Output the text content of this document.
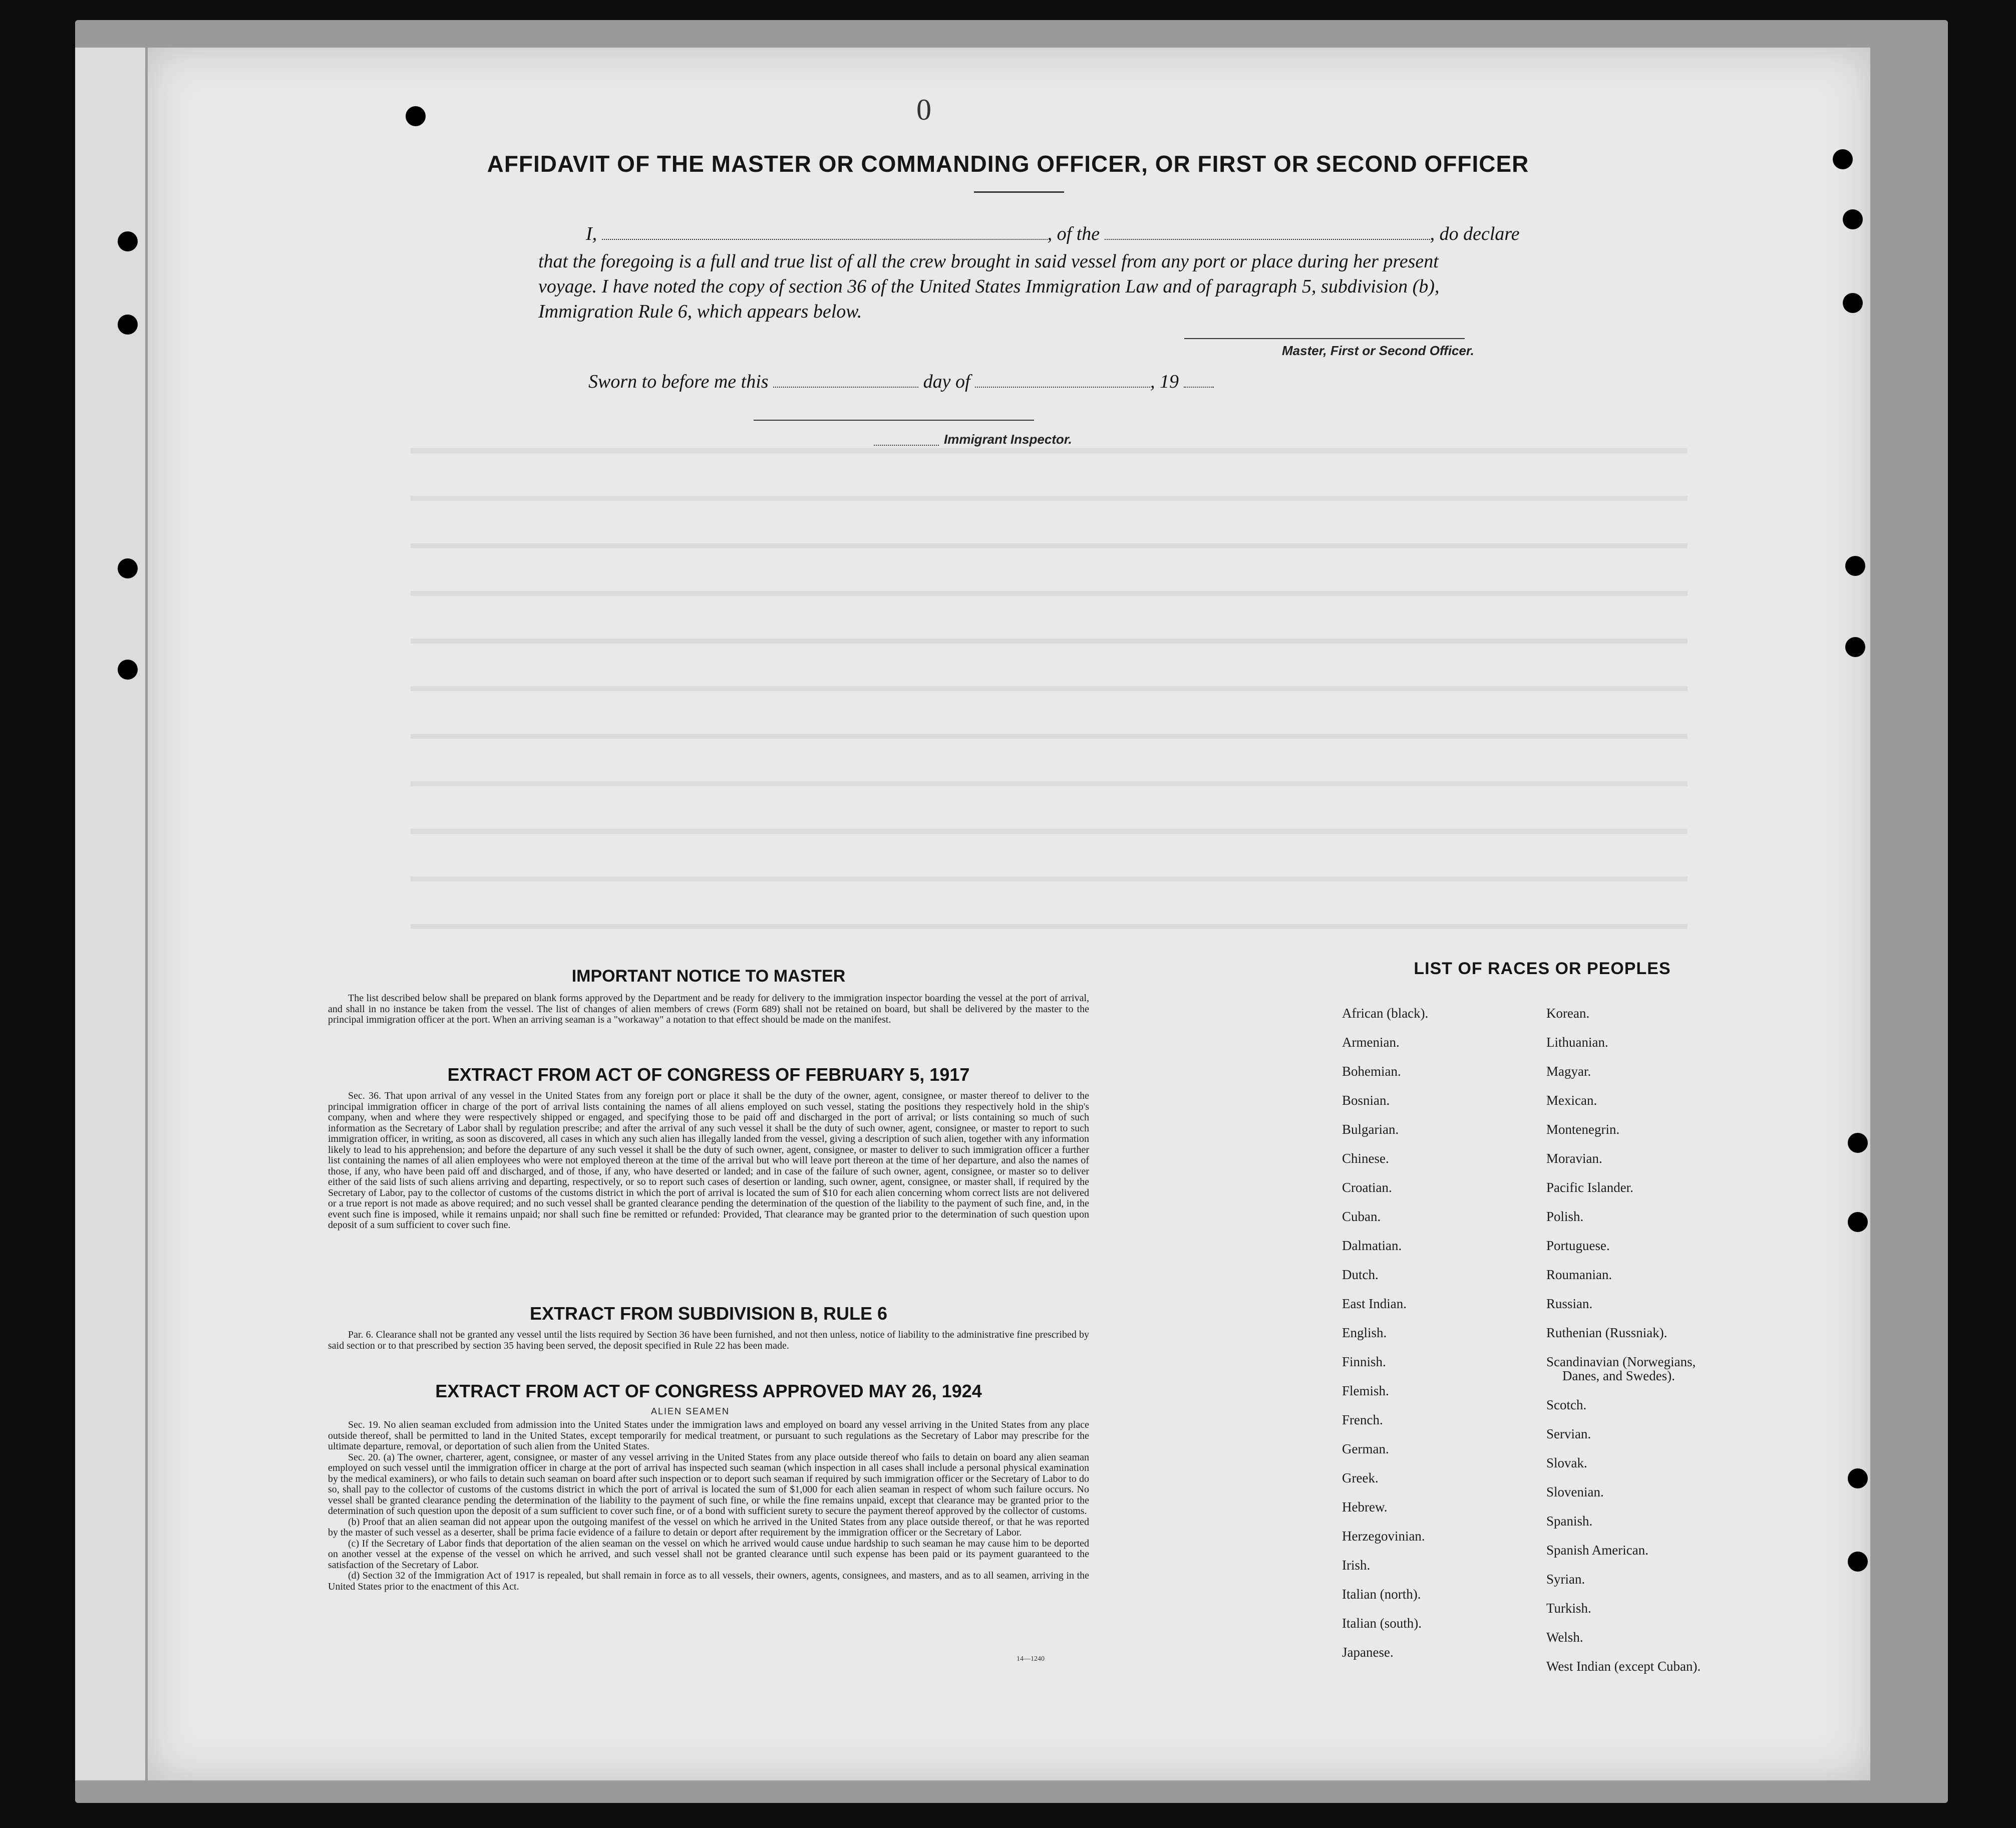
0
AFFIDAVIT OF THE MASTER OR COMMANDING OFFICER, OR FIRST OR SECOND OFFICER
I,	, of the	, do declare
that the foregoing is a full and true list of all the crew brought in said vessel from any port or place during her present
voyage. I have noted the copy of section 36 of the United States Immigration Law and of paragraph 5, subdivision (b),
Immigration Rule 6, which appears below.
Master, First or Second Officer.
Sworn to before me this	day of	, 19
Immigrant Inspector.
IMPORTANT NOTICE TO MASTER

The list described below shall be prepared on blank forms approved by the Department and be ready for delivery to the immigration inspector boarding the vessel at the port of arrival, and shall in no instance be taken from the vessel. The list of changes of alien members of crews (Form 689) shall not be retained on board, but shall be delivered by the master to the principal immigration officer at the port. When an arriving seaman is a "workaway" a notation to that effect should be made on the manifest.

EXTRACT FROM ACT OF CONGRESS OF FEBRUARY 5, 1917

Sec. 36. That upon arrival of any vessel in the United States from any foreign port or place it shall be the duty of the owner, agent, consignee, or master thereof to deliver to the principal immigration officer in charge of the port of arrival lists containing the names of all aliens employed on such vessel, stating the positions they respectively hold in the ship's company, when and where they were respectively shipped or engaged, and specifying those to be paid off and discharged in the port of arrival; or lists containing so much of such information as the Secretary of Labor shall by regulation prescribe; and after the arrival of any such vessel it shall be the duty of such owner, agent, consignee, or master to report to such immigration officer, in writing, as soon as discovered, all cases in which any such alien has illegally landed from the vessel, giving a description of such alien, together with any information likely to lead to his apprehension; and before the departure of any such vessel it shall be the duty of such owner, agent, consignee, or master to deliver to such immigration officer a further list containing the names of all alien employees who were not employed thereon at the time of the arrival but who will leave port thereon at the time of her departure, and also the names of those, if any, who have been paid off and discharged, and of those, if any, who have deserted or landed; and in case of the failure of such owner, agent, consignee, or master so to deliver either of the said lists of such aliens arriving and departing, respectively, or so to report such cases of desertion or landing, such owner, agent, consignee, or master shall, if required by the Secretary of Labor, pay to the collector of customs of the customs district in which the port of arrival is located the sum of $10 for each alien concerning whom correct lists are not delivered or a true report is not made as above required; and no such vessel shall be granted clearance pending the determination of the question of the liability to the payment of such fine, and, in the event such fine is imposed, while it remains unpaid; nor shall such fine be remitted or refunded: Provided, That clearance may be granted prior to the determination of such question upon deposit of a sum sufficient to cover such fine.

EXTRACT FROM SUBDIVISION B, RULE 6

Par. 6. Clearance shall not be granted any vessel until the lists required by Section 36 have been furnished, and not then unless, notice of liability to the administrative fine prescribed by said section or to that prescribed by section 35 having been served, the deposit specified in Rule 22 has been made.

EXTRACT FROM ACT OF CONGRESS APPROVED MAY 26, 1924
ALIEN SEAMEN

Sec. 19. No alien seaman excluded from admission into the United States under the immigration laws and employed on board any vessel arriving in the United States from any place outside thereof, shall be permitted to land in the United States, except temporarily for medical treatment, or pursuant to such regulations as the Secretary of Labor may prescribe for the ultimate departure, removal, or deportation of such alien from the United States.

Sec. 20. (a) The owner, charterer, agent, consignee, or master of any vessel arriving in the United States from any place outside thereof who fails to detain on board any alien seaman employed on such vessel until the immigration officer in charge at the port of arrival has inspected such seaman (which inspection in all cases shall include a personal physical examination by the medical examiners), or who fails to detain such seaman on board after such inspection or to deport such seaman if required by such immigration officer or the Secretary of Labor to do so, shall pay to the collector of customs of the customs district in which the port of arrival is located the sum of $1,000 for each alien seaman in respect of whom such failure occurs. No vessel shall be granted clearance pending the determination of the liability to the payment of such fine, or while the fine remains unpaid, except that clearance may be granted prior to the determination of such question upon the deposit of a sum sufficient to cover such fine, or of a bond with sufficient surety to secure the payment thereof approved by the collector of customs.

(b) Proof that an alien seaman did not appear upon the outgoing manifest of the vessel on which he arrived in the United States from any place outside thereof, or that he was reported by the master of such vessel as a deserter, shall be prima facie evidence of a failure to detain or deport after requirement by the immigration officer or the Secretary of Labor.

(c) If the Secretary of Labor finds that deportation of the alien seaman on the vessel on which he arrived would cause undue hardship to such seaman he may cause him to be deported on another vessel at the expense of the vessel on which he arrived, and such vessel shall not be granted clearance until such expense has been paid or its payment guaranteed to the satisfaction of the Secretary of Labor.

(d) Section 32 of the Immigration Act of 1917 is repealed, but shall remain in force as to all vessels, their owners, agents, consignees, and masters, and as to all seamen, arriving in the United States prior to the enactment of this Act.

14—1240
LIST OF RACES OR PEOPLES
African (black).
Armenian.
Bohemian.
Bosnian.
Bulgarian.
Chinese.
Croatian.
Cuban.
Dalmatian.
Dutch.
East Indian.
English.
Finnish.
Flemish.
French.
German.
Greek.
Hebrew.
Herzegovinian.
Irish.
Italian (north).
Italian (south).
Japanese.
Korean.
Lithuanian.
Magyar.
Mexican.
Montenegrin.
Moravian.
Pacific Islander.
Polish.
Portuguese.
Roumanian.
Russian.
Ruthenian (Russniak).
Scandinavian (Norwegians,
Danes, and Swedes).
Scotch.
Servian.
Slovak.
Slovenian.
Spanish.
Spanish American.
Syrian.
Turkish.
Welsh.
West Indian (except Cuban).
